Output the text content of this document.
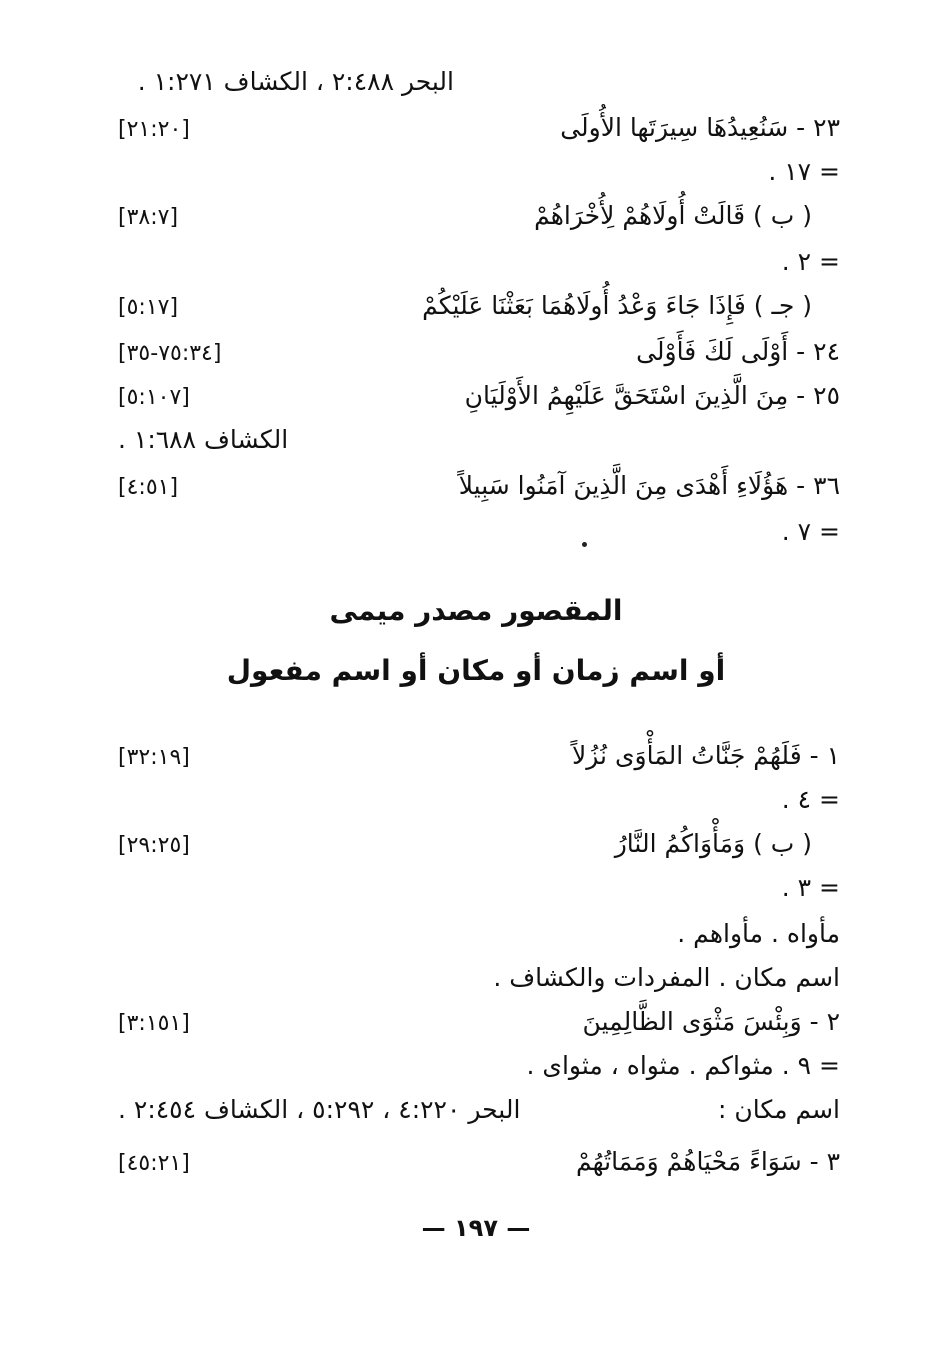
البحر ٢:٤٨٨ ، الكشاف ١:٢٧١ .
٢٣ - سَنُعِيدُهَا سِيرَتَها الأُولَى
[٢١:٢٠]
= ١٧ .
( ب ) قَالَتْ أُولَاهُمْ لِأُخْرَاهُمْ
[٣٨:٧]
= ٢ .
( جـ ) فَإِذَا جَاءَ وَعْدُ أُولَاهُمَا بَعَثْنَا عَلَيْكُمْ
[٥:١٧]
٢٤ - أَوْلَى لَكَ فَأَوْلَى
[٧٥:٣٤-٣٥]
٢٥ - مِنَ الَّذِينَ اسْتَحَقَّ عَلَيْهِمُ الأَوْلَيَانِ
[٥:١٠٧]
الكشاف ١:٦٨٨ .
٣٦ - هَؤُلَاءِ أَهْدَى مِنَ الَّذِينَ آمَنُوا سَبِيلاً
[٤:٥١]
= ٧ .
المقصور مصدر ميمى
أو اسم زمان أو مكان أو اسم مفعول
١ - فَلَهُمْ جَنَّاتُ المَأْوَى نُزُلاً
[٣٢:١٩]
= ٤ .
( ب ) وَمَأْوَاكُمُ النَّارُ
[٢٩:٢٥]
= ٣ .
مأواه . مأواهم .
اسم مكان . المفردات والكشاف .
٢ - وَبِئْسَ مَثْوَى الظَّالِمِينَ
[٣:١٥١]
= ٩ . مثواكم . مثواه ، مثواى .
اسم مكان :
البحر ٤:٢٢٠ ، ٥:٢٩٢ ، الكشاف ٢:٤٥٤ .
٣ - سَوَاءً مَحْيَاهُمْ وَمَمَاتُهُمْ
[٤٥:٢١]
— ١٩٧ —
